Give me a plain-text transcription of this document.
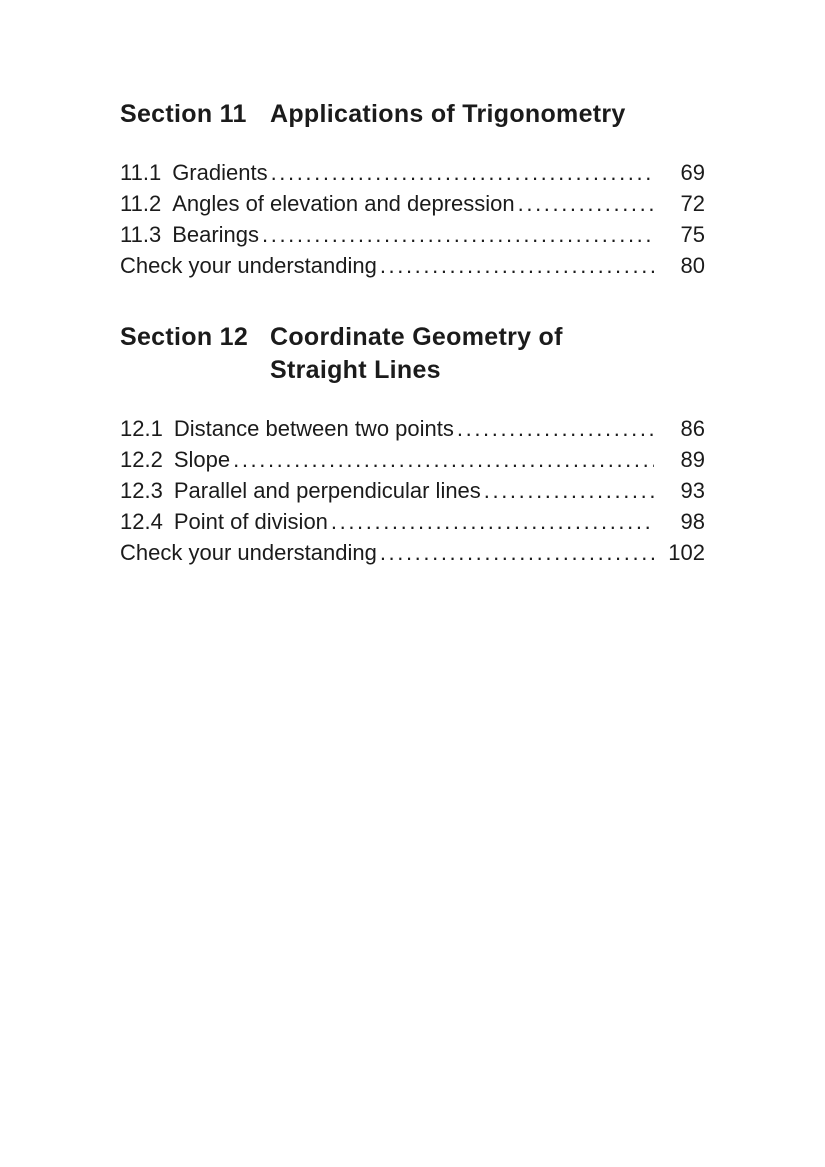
Section 11 Applications of Trigonometry
11.1 Gradients .....	69
11.2 Angles of elevation and depression .....	72
11.3 Bearings .....	75
Check your understanding .....	80
Section 12 Coordinate Geometry of
Straight Lines
12.1 Distance between two points .....	86
12.2 Slope .....	89
12.3 Parallel and perpendicular lines .....	93
12.4 Point of division .....	98
Check your understanding .....	102
